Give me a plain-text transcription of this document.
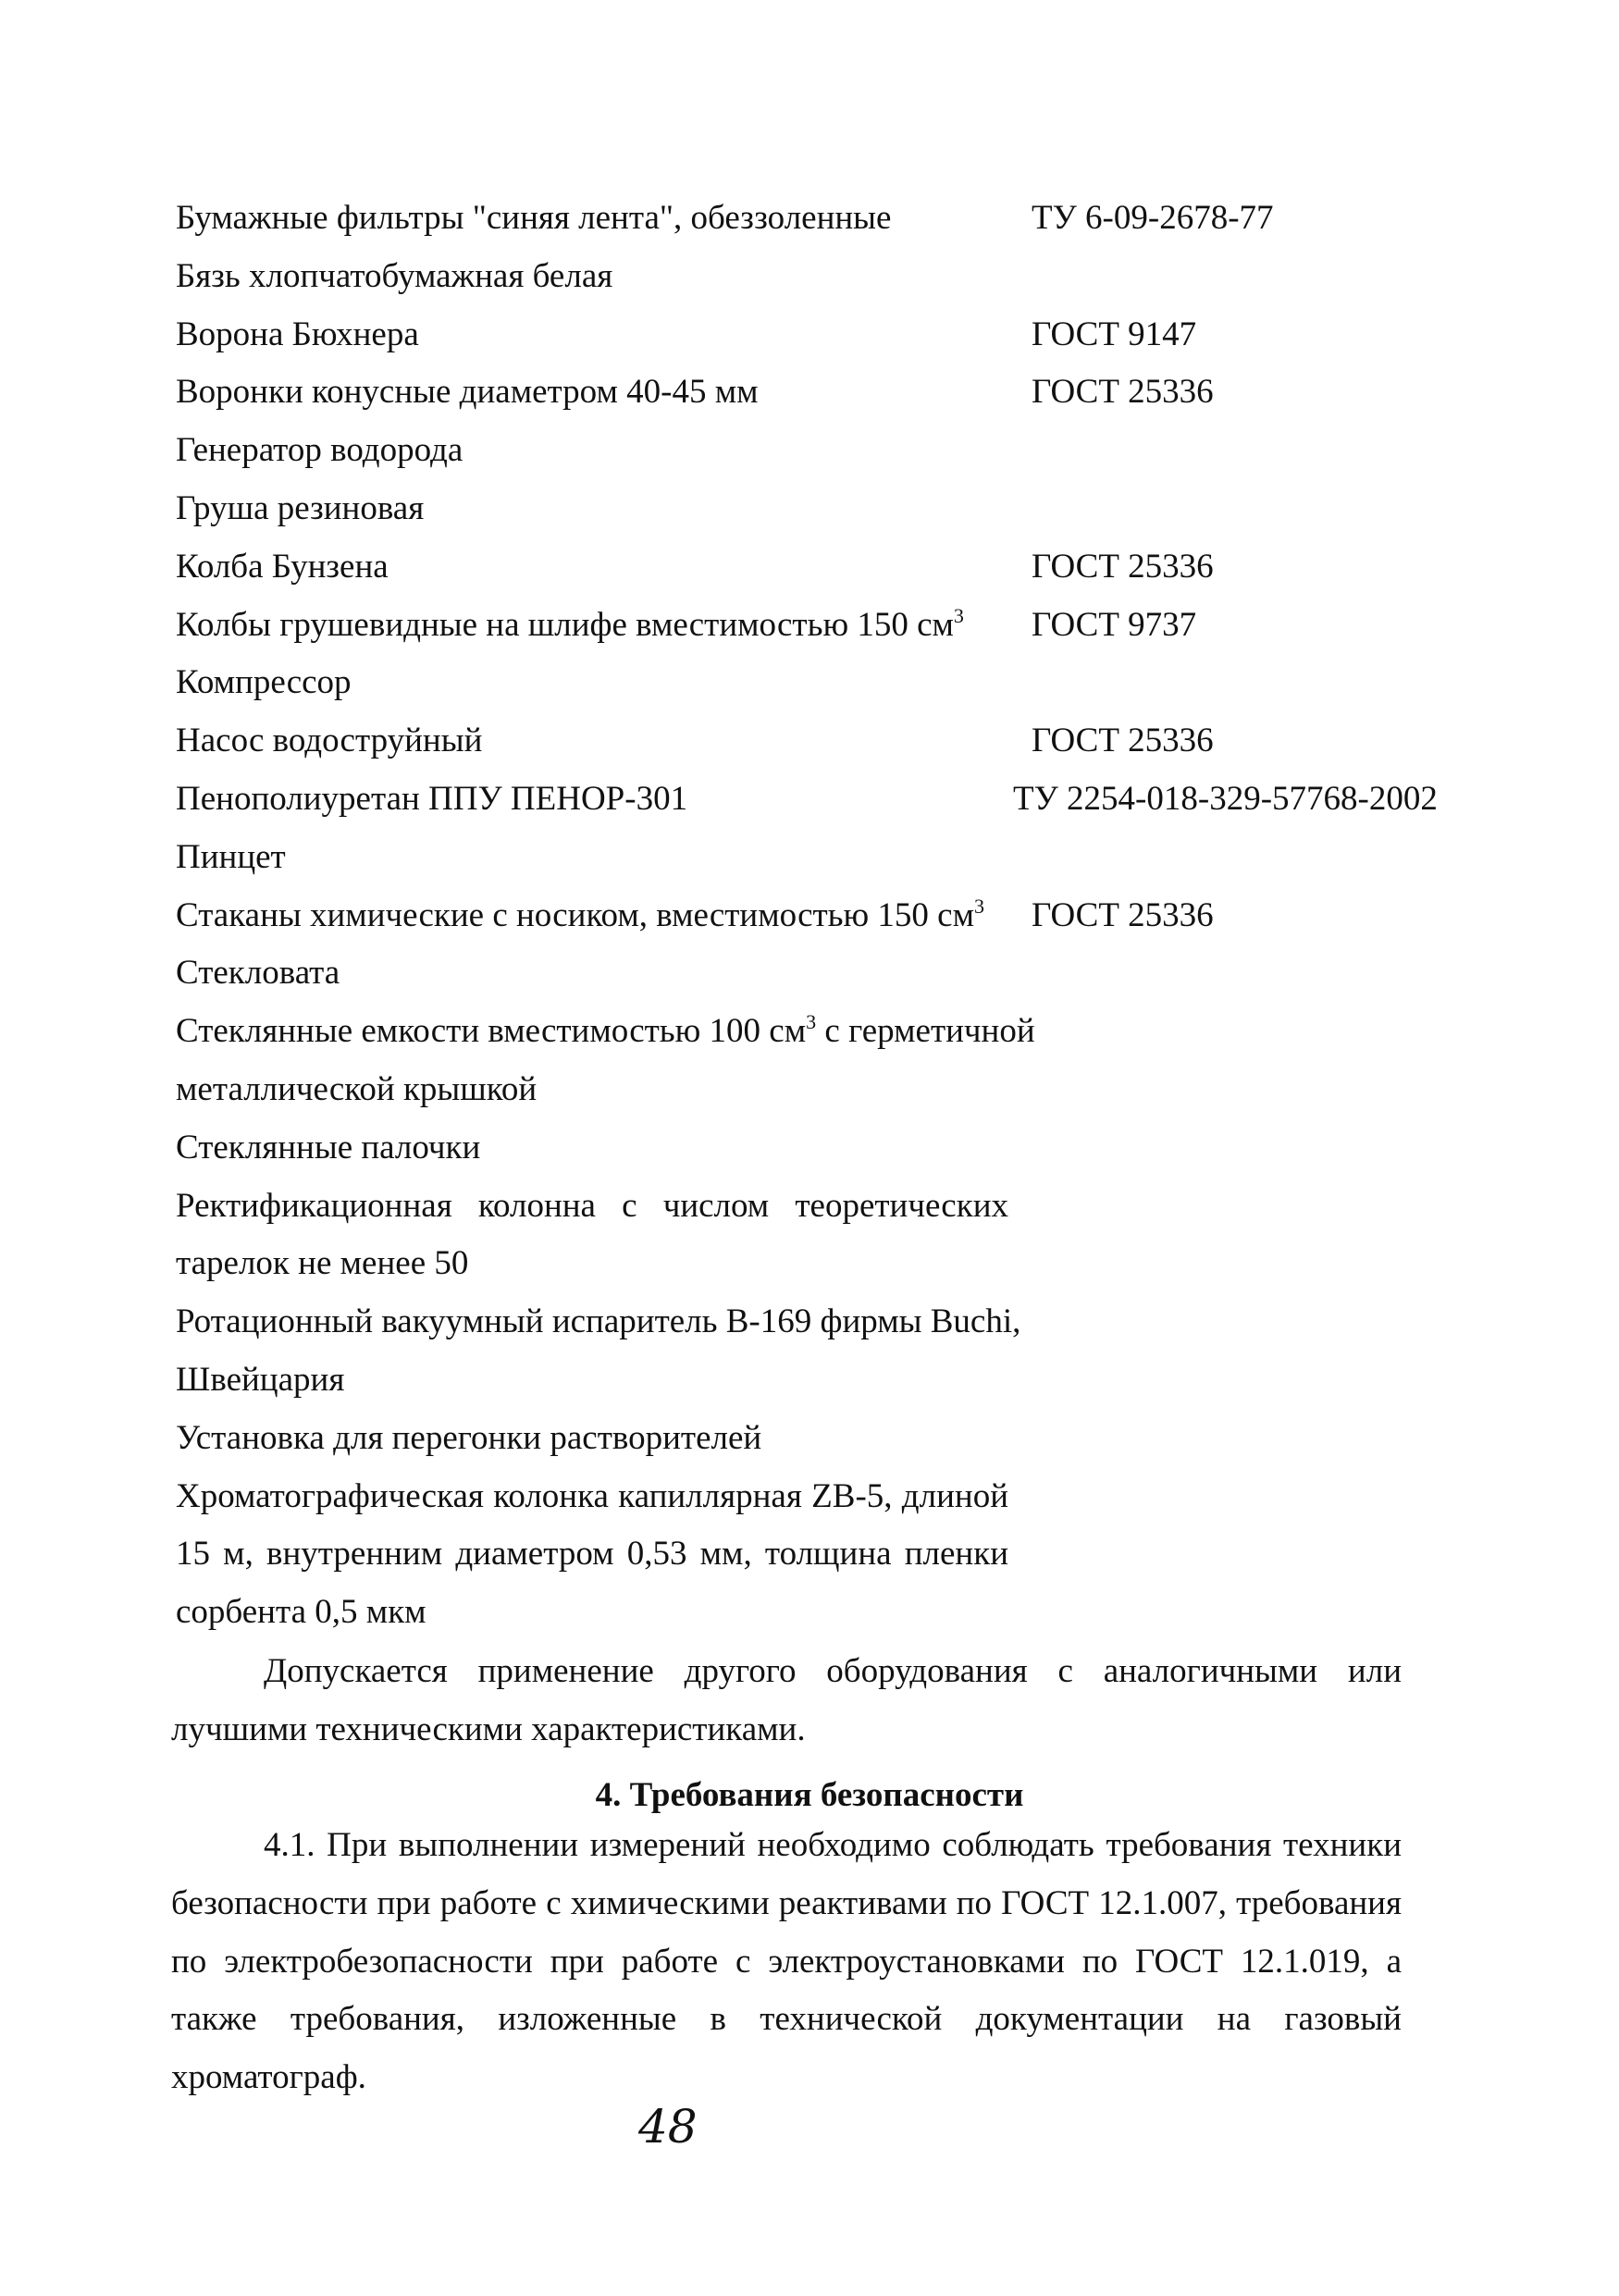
Бумажные фильтры "синяя лента", обеззоленные	ТУ 6-09-2678-77
Бязь хлопчатобумажная белая
Ворона Бюхнера	ГОСТ 9147
Воронки конусные диаметром 40-45 мм	ГОСТ 25336
Генератор водорода
Груша резиновая
Колба Бунзена	ГОСТ 25336
Колбы грушевидные на шлифе вместимостью 150 $см^3$ ГОСТ 9737
Компрессор
Насос водоструйный	ГОСТ 25336
Пенополиуретан ППУ ПЕНОР-301	ТУ 2254-018-329-57768-2002
Пинцет
Стаканы химические с носиком, вместимостью 150 $см^3$ ГОСТ 25336
Стекловата
Стеклянные емкости вместимостью 100 $см^3$ с герметичной
металлической крышкой
Стеклянные палочки
Ректификационная колонна с числом теоретических
тарелок не менее 50
Ротационный вакуумный испаритель В-169 фирмы Buchi,
Швейцария
Установка для перегонки растворителей
Хроматографическая колонка капиллярная ZB-5, длиной
15 м, внутренним диаметром 0,53 мм, толщина пленки
сорбента 0,5 мкм
Допускается применение другого оборудования с аналогичными или лучшими техническими характеристиками.
4. Требования безопасности
4.1. При выполнении измерений необходимо соблюдать требования техники безопасности при работе с химическими реактивами по ГОСТ 12.1.007, требования по электробезопасности при работе с электроустановками по ГОСТ 12.1.019, а также требования, изложенные в технической документации на газовый хроматограф.
48
